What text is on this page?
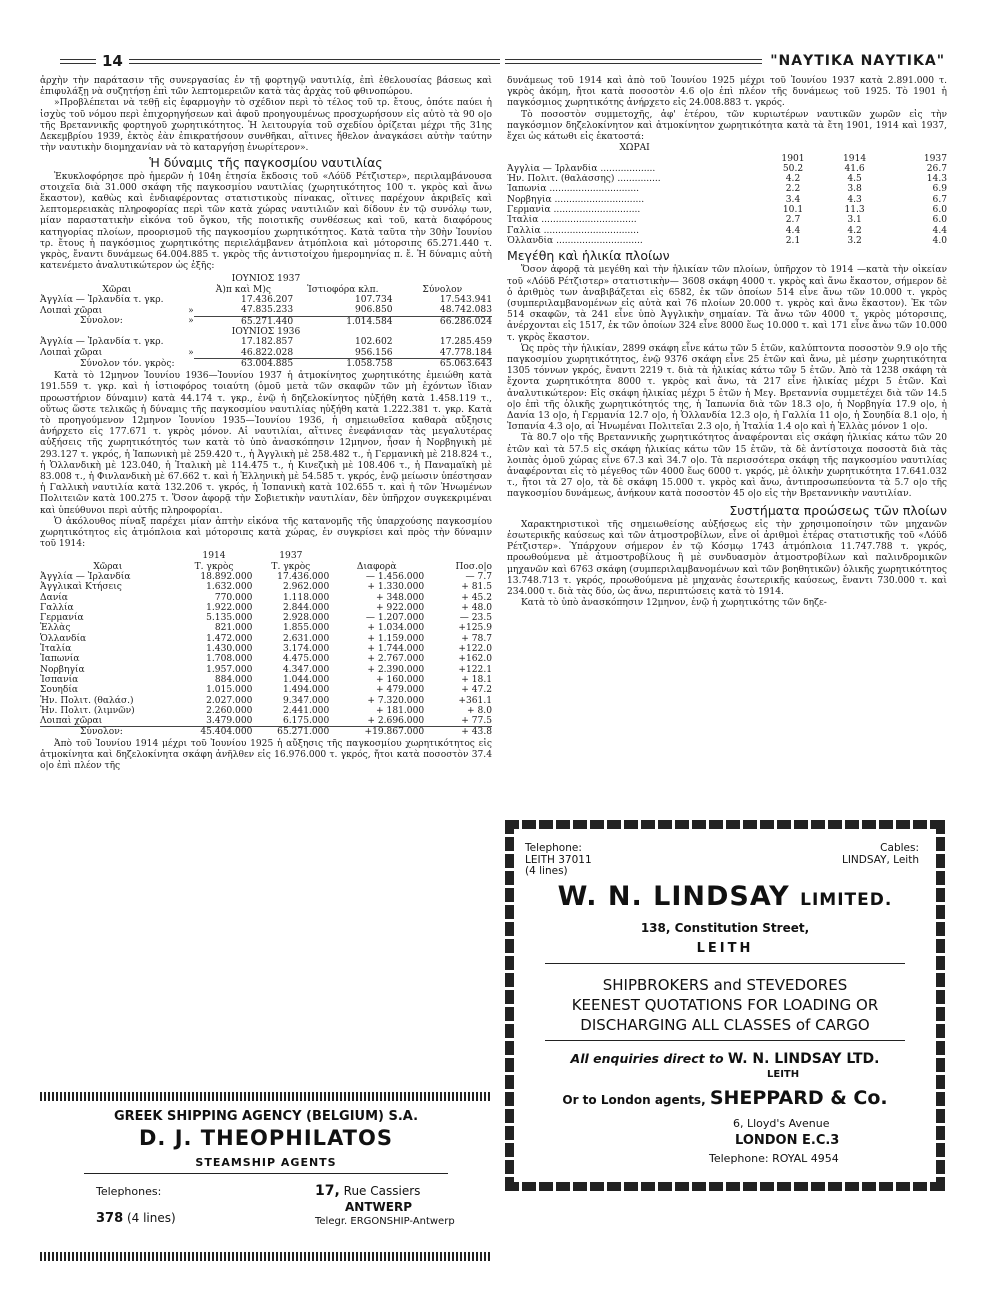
14	"ΝΑΥΤΙΚΑ ΝΑΥΤΙΚΑ"

ἀρχὴν τὴν παράτασιν τῆς συνεργασίας ἐν τῇ φορτηγῷ ναυτιλίᾳ, ἐπὶ ἐθελουσίας βάσεως καὶ ἐπιφυλάξῃ νὰ συζητήσῃ ἐπὶ τῶν λεπτομερειῶν κατὰ τὰς ἀρχὰς τοῦ φθινοπώρου.

»Προβλέπεται νὰ τεθῇ εἰς ἐφαρμογὴν τὸ σχέδιον περὶ τὸ τέλος τοῦ τρ. ἔτους, ὁπότε παύει ἡ ἰσχὺς τοῦ νόμου περὶ ἐπιχορηγήσεων καὶ ἀφοῦ προηγουμένως προσχωρήσουν εἰς αὐτὸ τὰ 90 ο|ο τῆς Βρεταννικῆς φορτηγοῦ χωρητικότητος. Ἡ λειτουργία τοῦ σχεδίου ὁρίζεται μέχρι τῆς 31ης Δεκεμβρίου 1939, ἐκτὸς ἐὰν ἐπικρατήσουν συνθῆκαι, αἵτινες ἤθελον ἀναγκάσει αὐτὴν ταύτην τὴν ναυτικὴν διομηχανίαν νὰ τὸ καταργήσῃ ἐνωρίτερον».

Ἡ δύναμις τῆς παγκοσμίου ναυτιλίας

Ἐκυκλοφόρησε πρὸ ἡμερῶν ἡ 104η ἐτησία ἔκδοσις τοῦ «Λόϋδ Ρέτζιστερ», περιλαμβάνουσα στοιχεῖα διὰ 31.000 σκάφη τῆς παγκοσμίου ναυτιλίας (χωρητικότητος 100 τ. γκρὸς καὶ ἄνω ἕκαστον), καθὼς καὶ ἐνδιαφέροντας στατιστικοὺς πίνακας, οἵτινες παρέχουν ἀκριβεῖς καὶ λεπτομερειακὰς πληροφορίας περὶ τῶν κατὰ χώρας ναυτιλιῶν καὶ δίδουν ἐν τῷ συνόλῳ των, μίαν παραστατικὴν εἰκόνα τοῦ ὄγκου, τῆς ποιοτικῆς συνθέσεως καὶ τοῦ, κατὰ διαφόρους κατηγορίας πλοίων, προορισμοῦ τῆς παγκοσμίου χωρητικότητος. Κατὰ ταῦτα τὴν 30ὴν Ἰουνίου τρ. ἔτους ἡ παγκόσμιος χωρητικότης περιελάμβανεν ἀτμόπλοια καὶ μότορσιπς 65.271.440 τ. γκρὸς, ἔναντι δυνάμεως 64.004.885 τ. γκρὸς τῆς ἀντιστοίχου ἡμερομηνίας π. ἔ. Ἡ δύναμις αὐτὴ κατενέμετο ἀναλυτικώτερον ὡς ἑξῆς:

ΙΟΥΝΙΟΣ 1937			
Χῶραι	Ἀ)π καὶ Μ)ς	Ἱστιοφόρα κλπ.	Σύνολον
Ἀγγλία — Ἰρλανδία τ. γκρ.	17.436.207	107.734	17.543.941
Λοιπαὶ χῶραι »	47.835.233	906.850	48.742.083
Σύνολον: »	65.271.440	1.014.584	66.286.024
ΙΟΥΝΙΟΣ 1936			
Ἀγγλία — Ἰρλανδία τ. γκρ.	17.182.857	102.602	17.285.459
Λοιπαὶ χῶραι »	46.822.028	956.156	47.778.184
Σύνολον τόν. γκρὸς:	63.004.885	1.058.758	65.063.643

Κατὰ τὸ 12μηνον Ἰουνίου 1936—Ἰουνίου 1937 ἡ ἀτμοκίνητος χωρητικότης ἐμειώθη κατὰ 191.559 τ. γκρ. καὶ ἡ ἱστιοφόρος τοιαύτη (ὁμοῦ μετὰ τῶν σκαφῶν τῶν μὴ ἐχόντων ἴδιαν προωστήριον δύναμιν) κατὰ 44.174 τ. γκρ., ἐνῷ ἡ δηζελοκίνητος ηὐξήθη κατὰ 1.458.119 τ., οὕτως ὥστε τελικῶς ἡ δύναμις τῆς παγκοσμίου ναυτιλίας ηὐξήθη κατὰ 1.222.381 τ. γκρ. Κατὰ τὸ προηγούμενον 12μηνον Ἰουνίου 1935—Ἰουνίου 1936, ἡ σημειωθεῖσα καθαρὰ αὔξησις ἀνήρχετο εἰς 177.671 τ. γκρὸς μόνον. Αἱ ναυτιλίαι, αἵτινες ἐνεφάνισαν τὰς μεγαλυτέρας αὐξήσεις τῆς χωρητικότητός των κατὰ τὸ ὑπὸ ἀνασκόπησιν 12μηνον, ἦσαν ἡ Νορβηγικὴ μὲ 293.127 τ. γκρός, ἡ Ἰαπωνικὴ μὲ 259.420 τ., ἡ Ἀγγλικὴ μὲ 258.482 τ., ἡ Γερμανικὴ μὲ 218.824 τ., ἡ Ὁλλανδικὴ μὲ 123.040, ἡ Ἰταλικὴ μὲ 114.475 τ., ἡ Κινεζικὴ μὲ 108.406 τ., ἡ Παναμαϊκὴ μὲ 83.008 τ., ἡ Φινλανδικὴ μὲ 67.662 τ. καὶ ἡ Ἑλληνικὴ μὲ 54.585 τ. γκρός, ἐνῷ μείωσιν ὑπέστησαν ἡ Γαλλικὴ ναυτιλία κατὰ 132.206 τ. γκρός, ἡ Ἰσπανικὴ κατὰ 102.655 τ. καὶ ἡ τῶν Ἡνωμένων Πολιτειῶν κατὰ 100.275 τ. Ὅσον ἀφορᾷ τὴν Σοβιετικὴν ναυτιλίαν, δὲν ὑπῆρχον συγκεκριμέναι καὶ ὑπεύθυνοι περὶ αὐτῆς πληροφορίαι.

Ὁ ἀκόλουθος πίναξ παρέχει μίαν ἀπτὴν εἰκόνα τῆς κατανομῆς τῆς ὑπαρχούσης παγκοσμίου χωρητικότητος εἰς ἀτμόπλοια καὶ μότορσιπς κατὰ χώρας, ἐν συγκρίσει καὶ πρὸς τὴν δύναμιν τοῦ 1914:

	1914	1937		
Χῶραι	Τ. γκρὸς	Τ. γκρὸς	Διαφορὰ	Ποσ.ο|ο
Ἀγγλία — Ἰρλανδία	18.892.000	17.436.000	— 1.456.000	— 7.7
Ἀγγλικαὶ Κτήσεις	1.632.000	2.962.000	+ 1.330.000	+ 81.5
Δανία	770.000	1.118.000	+ 348.000	+ 45.2
Γαλλία	1.922.000	2.844.000	+ 922.000	+ 48.0
Γερμανία	5.135.000	2.928.000	— 1.207.000	— 23.5
Ἑλλὰς	821.000	1.855.000	+ 1.034.000	+125.9
Ὁλλανδία	1.472.000	2.631.000	+ 1.159.000	+ 78.7
Ἰταλία	1.430.000	3.174.000	+ 1.744.000	+122.0
Ἰαπωνία	1.708.000	4.475.000	+ 2.767.000	+162.0
Νορβηγία	1.957.000	4.347.000	+ 2.390.000	+122.1
Ἰσπανία	884.000	1.044.000	+ 160.000	+ 18.1
Σουηδία	1.015.000	1.494.000	+ 479.000	+ 47.2
Ἡν. Πολιτ. (θαλάσ.)	2.027.000	9.347.000	+ 7.320.000	+361.1
Ἡν. Πολιτ. (λιμνῶν)	2.260.000	2.441.000	+ 181.000	+ 8.0
Λοιπαὶ χῶραι	3.479.000	6.175.000	+ 2.696.000	+ 77.5
Σύνολον:	45.404.000	65.271.000	+19.867.000	+ 43.8

Ἀπὸ τοῦ Ἰουνίου 1914 μέχρι τοῦ Ἰουνίου 1925 ἡ αὔξησις τῆς παγκοσμίου χωρητικότητος εἰς ἀτμοκίνητα καὶ δηζελοκίνητα σκάφη ἀνῆλθεν εἰς 16.976.000 τ. γκρός, ἤτοι κατὰ ποσοστὸν 37.4 ο|ο ἐπὶ πλέον τῆς

δυνάμεως τοῦ 1914 καὶ ἀπὸ τοῦ Ἰουνίου 1925 μέχρι τοῦ Ἰουνίου 1937 κατὰ 2.891.000 τ. γκρὸς ἀκόμη, ἤτοι κατὰ ποσοστὸν 4.6 ο|ο ἐπὶ πλέον τῆς δυνάμεως τοῦ 1925. Τὸ 1901 ἡ παγκόσμιος χωρητικότης ἀνήρχετο εἰς 24.008.883 τ. γκρός.

Τὸ ποσοστὸν συμμετοχῆς, ἀφ' ἑτέρου, τῶν κυριωτέρων ναυτικῶν χωρῶν εἰς τὴν παγκόσμιον δηζελοκίνητον καὶ ἀτμοκίνητον χωρητικότητα κατὰ τὰ ἔτη 1901, 1914 καὶ 1937, ἔχει ὡς κάτωθι εἰς ἑκατοστά:

ΧΩΡΑΙ			
	1901	1914	1937
Ἀγγλία — Ἰρλανδία ...................	50.2	41.6	26.7
Ἡν. Πολιτ. (θαλάσσης) ...............	4.2	4.5	14.3
Ἰαπωνία ...............................	2.2	3.8	6.9
Νορβηγία ...............................	3.4	4.3	6.7
Γερμανία ..............................	10.1	11.3	6.0
Ἰταλία .................................	2.7	3.1	6.0
Γαλλία .................................	4.4	4.2	4.4
Ὁλλανδία ..............................	2.1	3.2	4.0
Μεγέθη καὶ ἡλικία πλοίων

Ὅσον ἀφορᾷ τὰ μεγέθη καὶ τὴν ἡλικίαν τῶν πλοίων, ὑπῆρχον τὸ 1914 —κατὰ τὴν οἰκείαν τοῦ «Λόϋδ Ρέτζιστερ» στατιστικὴν— 3608 σκάφη 4000 τ. γκρὸς καὶ ἄνω ἕκαστον, σήμερον δὲ ὁ ἀριθμὸς των ἀναβιβάζεται εἰς 6582, ἐκ τῶν ὁποίων 514 εἶνε ἄνω τῶν 10.000 τ. γκρὸς (συμπεριλαμβανομένων εἰς αὐτὰ καὶ 76 πλοίων 20.000 τ. γκρὸς καὶ ἄνω ἕκαστον). Ἐκ τῶν 514 σκαφῶν, τὰ 241 εἶνε ὑπὸ Ἀγγλικὴν σημαίαν. Τὰ ἄνω τῶν 4000 τ. γκρὸς μότορσιπς, ἀνέρχονται εἰς 1517, ἐκ τῶν ὁποίων 324 εἶνε 8000 ἕως 10.000 τ. καὶ 171 εἶνε ἄνω τῶν 10.000 τ. γκρὸς ἕκαστον.

Ὡς πρὸς τὴν ἡλικίαν, 2899 σκάφη εἶνε κάτω τῶν 5 ἐτῶν, καλύπτοντα ποσοστὸν 9.9 ο|ο τῆς παγκοσμίου χωρητικότητος, ἐνῷ 9376 σκάφη εἶνε 25 ἐτῶν καὶ ἄνω, μὲ μέσην χωρητικότητα 1305 τόννων γκρός, ἔναντι 2219 τ. διὰ τὰ ἡλικίας κάτω τῶν 5 ἐτῶν. Ἀπὸ τὰ 1238 σκάφη τὰ ἔχοντα χωρητικότητα 8000 τ. γκρὸς καὶ ἄνω, τὰ 217 εἶνε ἡλικίας μέχρι 5 ἐτῶν. Καὶ ἀναλυτικώτερον: Εἰς σκάφη ἡλικίας μέχρι 5 ἐτῶν ἡ Μεγ. Βρεταννία συμμετέχει διὰ τῶν 14.5 ο|ο ἐπὶ τῆς ὁλικῆς χωρητικότητός της, ἡ Ἰαπωνία διὰ τῶν 18.3 ο|ο, ἡ Νορβηγία 17.9 ο|ο, ἡ Δανία 13 ο|ο, ἡ Γερμανία 12.7 ο|ο, ἡ Ὁλλανδία 12.3 ο|ο, ἡ Γαλλία 11 ο|ο, ἡ Σουηδία 8.1 ο|ο, ἡ Ἰσπανία 4.3 ο|ο, αἱ Ἡνωμέναι Πολιτεῖαι 2.3 ο|ο, ἡ Ἰταλία 1.4 ο|ο καὶ ἡ Ἑλλὰς μόνον 1 ο|ο.

Τὰ 80.7 ο|ο τῆς Βρεταννικῆς χωρητικότητος ἀναφέρονται εἰς σκάφη ἡλικίας κάτω τῶν 20 ἐτῶν καὶ τὰ 57.5 εἰς σκάφη ἡλικίας κάτω τῶν 15 ἐτῶν, τὰ δὲ ἀντίστοιχα ποσοστὰ διὰ τὰς λοιπὰς ὁμοῦ χώρας εἶνε 67.3 καὶ 34.7 ο|ο. Τὰ περισσότερα σκάφη τῆς παγκοσμίου ναυτιλίας ἀναφέρονται εἰς τὸ μέγεθος τῶν 4000 ἕως 6000 τ. γκρός, μὲ ὁλικὴν χωρητικότητα 17.641.032 τ., ἤτοι τὰ 27 ο|ο, τὰ δὲ σκάφη 15.000 τ. γκρὸς καὶ ἄνω, ἀντιπροσωπεύοντα τὰ 5.7 ο|ο τῆς παγκοσμίου δυνάμεως, ἀνήκουν κατὰ ποσοστὸν 45 ο|ο εἰς τὴν Βρεταννικὴν ναυτιλίαν.

Συστήματα προώσεως τῶν πλοίων

Χαρακτηριστικοὶ τῆς σημειωθείσης αὐξήσεως εἰς τὴν χρησιμοποίησιν τῶν μηχανῶν ἐσωτερικῆς καύσεως καὶ τῶν ἀτμοστροβίλων, εἶνε οἱ ἀριθμοὶ ἑτέρας στατιστικῆς τοῦ «Λόϋδ Ρέτζιστερ». Ὑπάρχουν σήμερον ἐν τῷ Κόσμῳ 1743 ἀτμόπλοια 11.747.788 τ. γκρός, προωθούμενα μὲ ἀτμοστροβίλους ἢ μὲ συνδυασμὸν ἀτμοστροβίλων καὶ παλινδρομικῶν μηχανῶν καὶ 6763 σκάφη (συμπεριλαμβανομένων καὶ τῶν βοηθητικῶν) ὁλικῆς χωρητικότητος 13.748.713 τ. γκρός, προωθούμενα μὲ μηχανὰς ἐσωτερικῆς καύσεως, ἔναντι 730.000 τ. καὶ 234.000 τ. διὰ τὰς δύο, ὡς ἄνω, περιπτώσεις κατὰ τὸ 1914.

Κατὰ τὸ ὑπὸ ἀνασκόπησιν 12μηνον, ἐνῷ ἡ χωρητικότης τῶν δηζε-

GREEK SHIPPING AGENCY (BELGIUM) S.A.
D. J. THEOPHILATOS
STEAMSHIP AGENTS
Telephones:
378 (4 lines)
17, Rue Cassiers
ANTWERP
Telegr. ERGONSHIP-Antwerp
Telephone:
LEITH 37011
(4 lines)
Cables:
LINDSAY, Leith
W. N. LINDSAY LIMITED.
138, Constitution Street,
LEITH
SHIPBROKERS and STEVEDORES
KEENEST QUOTATIONS FOR LOADING OR
DISCHARGING ALL CLASSES of CARGO
All enquiries direct to W. N. LINDSAY LTD.
LEITH
Or to London agents, SHEPPARD & Co.
6, Lloyd's Avenue
LONDON E.C.3
Telephone: ROYAL 4954
